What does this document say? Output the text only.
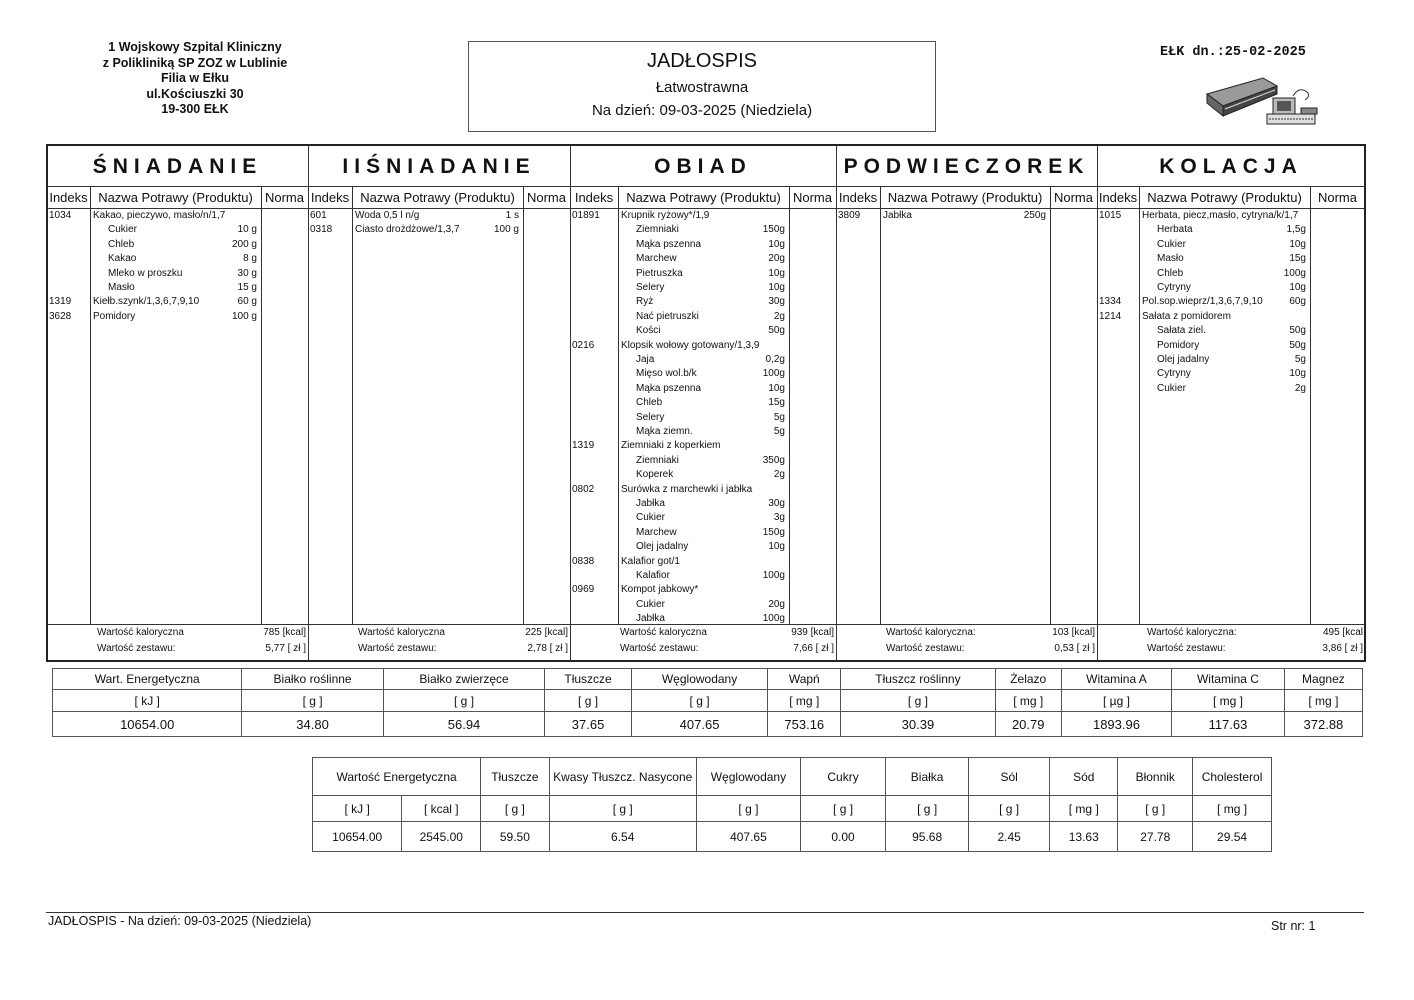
1 Wojskowy Szpital Kliniczny
z Polikliniką SP ZOZ w Lublinie
Filia w Ełku
ul.Kościuszki 30
19-300 EŁK
JADŁOSPIS
Łatwostrawna
Na dzień: 09-03-2025 (Niedziela)
EŁK dn.:25-02-2025
ŚNIADANIE
Indeks Nazwa Potrawy (Produktu) Norma
1034 Kakao, pieczywo, masło/n/1,7
Cukier	10 g
Chleb	200 g
Kakao	8 g
Mleko w proszku	30 g
Masło	15 g
1319 Kiełb.szynk/1,3,6,7,9,10	60 g
3628 Pomidory	100 g
Wartość kaloryczna	785 [kcal]
Wartość zestawu:	5,77 [ zł ]
IIŚNIADANIE
Indeks Nazwa Potrawy (Produktu) Norma
601	Woda 0,5 l n/g	1 s
0318 Ciasto drożdżowe/1,3,7	100 g
Wartość kaloryczna	225 [kcal]
Wartość zestawu:	2,78 [ zł ]
OBIAD
Indeks	Nazwa Potrawy (Produktu) Norma
01891 Krupnik ryżowy*/1,9
Ziemniaki	150g
Mąka pszenna	10g
Marchew	20g
Pietruszka	10g
Selery	10g
Ryż	30g
Nać pietruszki	2g
Kości	50g
0216	Klopsik wołowy gotowany/1,3,9
Jaja	0,2g
Mięso wol.b/k	100g
Mąka pszenna	10g
Chleb	15g
Selery	5g
Mąka ziemn.	5g
1319	Ziemniaki z koperkiem
Ziemniaki	350g
Koperek	2g
0802	Surówka z marchewki i jabłka
Jabłka	30g
Cukier	3g
Marchew	150g
Olej jadalny	10g
0838	Kalafior got/1
Kalafior	100g
0969	Kompot jabkowy*
Cukier	20g
Jabłka	100g
Wartość kaloryczna	939 [kcal]
Wartość zestawu:	7,66 [ zł ]
PODWIECZOREK
Indeks Nazwa Potrawy (Produktu) Norma
3809 Jabłka	250g
Wartość kaloryczna:	103 [kcal]
Wartość zestawu:	0,53 [ zł ]
KOLACJA
Indeks Nazwa Potrawy (Produktu)	Norma
1015 Herbata, piecz,masło, cytryna/k/1,7
Herbata	1,5g
Cukier	10g
Masło	15g
Chleb	100g
Cytryny	10g
1334 Pol.sop.wieprz/1,3,6,7,9,10	60g
1214 Sałata z pomidorem
Sałata ziel.	50g
Pomidory	50g
Olej jadalny	5g
Cytryny	10g
Cukier	2g
Wartość kaloryczna:	495 [kcal
Wartość zestawu:	3,86 [ zł ]
Wart. Energetyczna	Białko roślinne	Białko zwierzęce	Tłuszcze	Węglowodany	Wapń	Tłuszcz roślinny	Żelazo	Witamina A	Witamina C	Magnez
[ kJ ]	[ g ]	[ g ]	[ g ]	[ g ]	[ mg ]	[ g ]	[ mg ]	[ µg ]	[ mg ]	[ mg ]
10654.00	34.80	56.94	37.65	407.65	753.16	30.39	20.79	1893.96	117.63	372.88
Wartość Energetyczna		Tłuszcze	Kwasy Tłuszcz. Nasycone	Węglowodany	Cukry	Białka	Sól	Sód	Błonnik	Cholesterol
[ kJ ]	[ kcal ]	[ g ]	[ g ]	[ g ]	[ g ]	[ g ]	[ g ]	[ mg ]	[ g ]	[ mg ]
10654.00	2545.00	59.50	6.54	407.65	0.00	95.68	2.45	13.63	27.78	29.54
JADŁOSPIS - Na dzień: 09-03-2025 (Niedziela)	Str nr: 1
